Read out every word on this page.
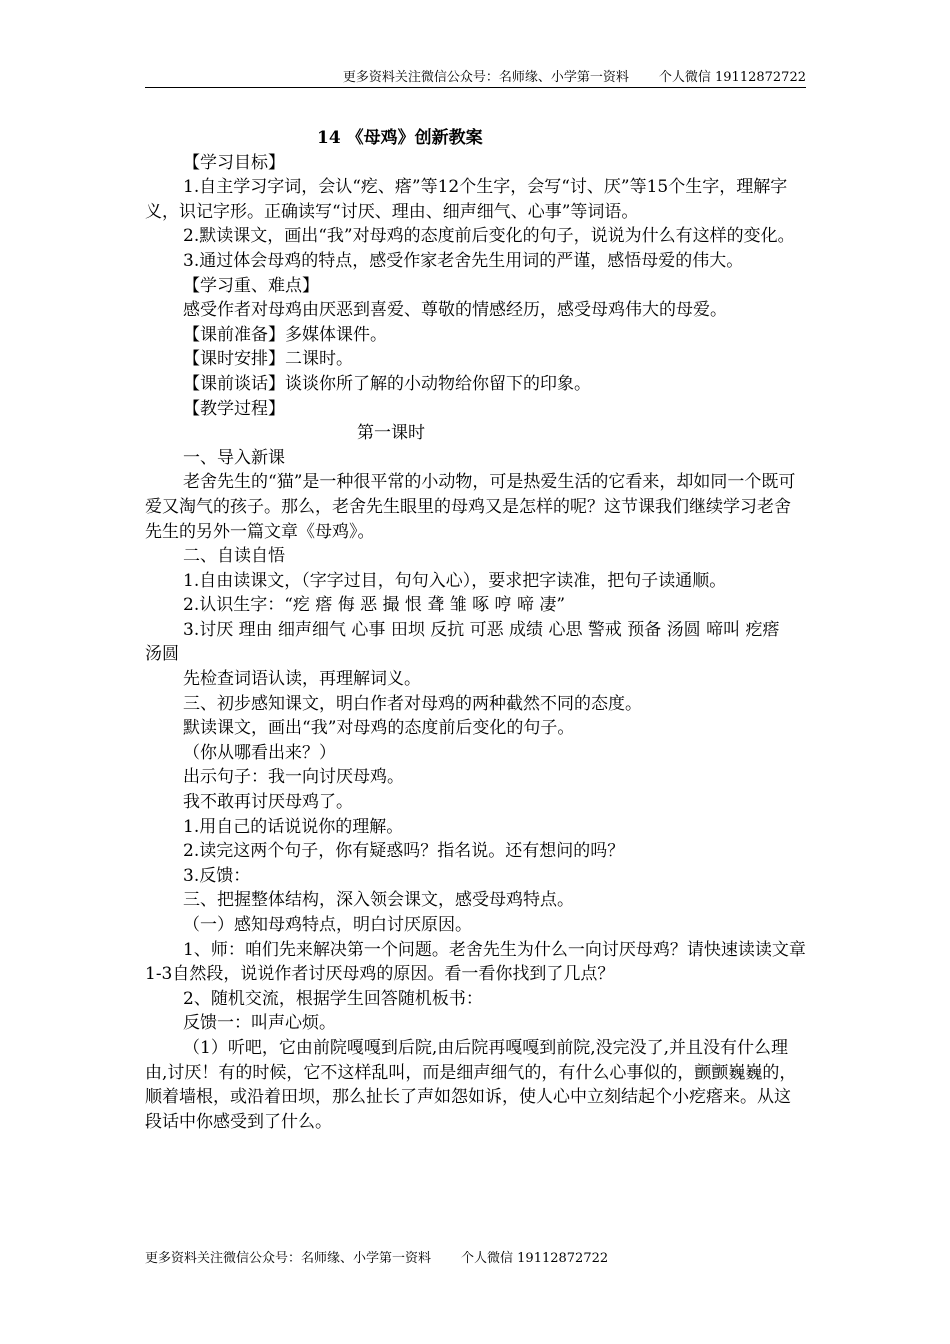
更多资料关注微信公众号：名师缘、小学第一资料 个人微信 19112872722

14 《母鸡》创新教案

【学习目标】

1.自主学习字词，会认“疙、瘩”等12个生字，会写“讨、厌”等15个生字，理解字义，识记字形。正确读写“讨厌、理由、细声细气、心事”等词语。

2.默读课文，画出“我”对母鸡的态度前后变化的句子，说说为什么有这样的变化。

3.通过体会母鸡的特点，感受作家老舍先生用词的严谨，感悟母爱的伟大。

【学习重、难点】

感受作者对母鸡由厌恶到喜爱、尊敬的情感经历，感受母鸡伟大的母爱。

【课前准备】多媒体课件。

【课时安排】二课时。

【课前谈话】谈谈你所了解的小动物给你留下的印象。

【教学过程】

第一课时

一、导入新课

老舍先生的“猫”是一种很平常的小动物，可是热爱生活的它看来，却如同一个既可爱又淘气的孩子。那么，老舍先生眼里的母鸡又是怎样的呢？这节课我们继续学习老舍先生的另外一篇文章《母鸡》。

二、自读自悟

1.自由读课文，（字字过目，句句入心），要求把字读准，把句子读通顺。

2.认识生字：“疙 瘩 侮 恶 撮 恨 聋 雏 啄 哼 啼 凄”

3.讨厌 理由 细声细气 心事 田坝 反抗 可恶 成绩 心思 警戒 预备 汤圆 啼叫 疙瘩　汤圆

先检查词语认读，再理解词义。

三、初步感知课文，明白作者对母鸡的两种截然不同的态度。

默读课文，画出“我”对母鸡的态度前后变化的句子。

（你从哪看出来？）

出示句子：我一向讨厌母鸡。

我不敢再讨厌母鸡了。

1.用自己的话说说你的理解。

2.读完这两个句子，你有疑惑吗？指名说。还有想问的吗？

3.反馈：

三、把握整体结构，深入领会课文，感受母鸡特点。

（一）感知母鸡特点，明白讨厌原因。

1、师：咱们先来解决第一个问题。老舍先生为什么一向讨厌母鸡？请快速读读文章1-3自然段，说说作者讨厌母鸡的原因。看一看你找到了几点？

2、随机交流，根据学生回答随机板书：

反馈一：叫声心烦。

（1）听吧，它由前院嘎嘎到后院,由后院再嘎嘎到前院,没完没了,并且没有什么理由,讨厌！有的时候，它不这样乱叫，而是细声细气的，有什么心事似的，颤颤巍巍的，顺着墙根，或沿着田坝，那么扯长了声如怨如诉，使人心中立刻结起个小疙瘩来。从这段话中你感受到了什么。

更多资料关注微信公众号：名师缘、小学第一资料 个人微信 19112872722
